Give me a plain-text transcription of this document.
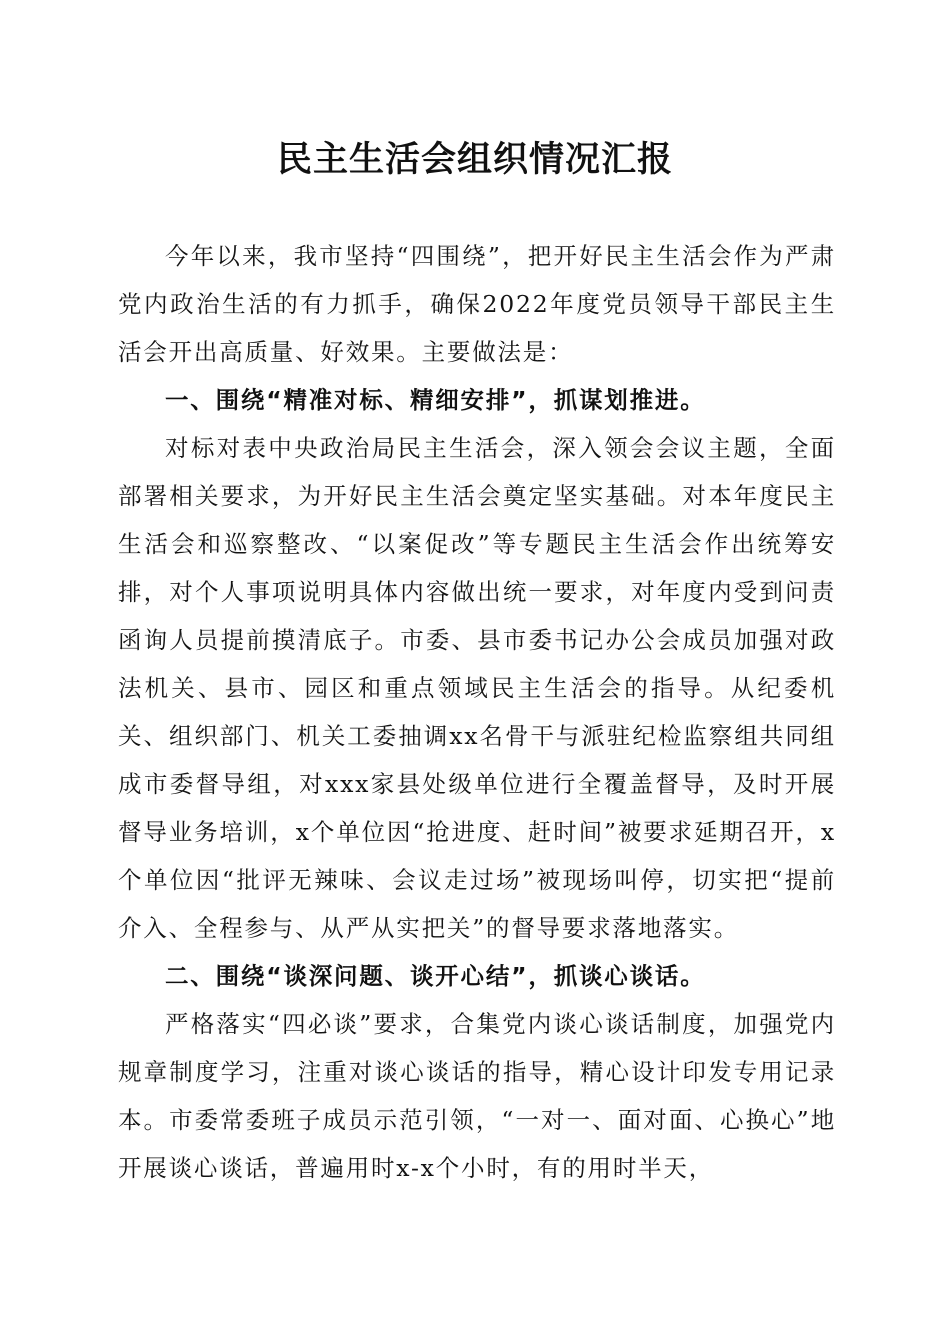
民主生活会组织情况汇报

今年以来，我市坚持“四围绕”，把开好民主生活会作为严肃党内政治生活的有力抓手，确保2022年度党员领导干部民主生活会开出高质量、好效果。主要做法是：

一、围绕“精准对标、精细安排”，抓谋划推进。

对标对表中央政治局民主生活会，深入领会会议主题，全面部署相关要求，为开好民主生活会奠定坚实基础。对本年度民主生活会和巡察整改、“以案促改”等专题民主生活会作出统筹安排，对个人事项说明具体内容做出统一要求，对年度内受到问责函询人员提前摸清底子。市委、县市委书记办公会成员加强对政法机关、县市、园区和重点领域民主生活会的指导。从纪委机关、组织部门、机关工委抽调xx名骨干与派驻纪检监察组共同组成市委督导组，对xxx家县处级单位进行全覆盖督导，及时开展督导业务培训，x个单位因“抢进度、赶时间”被要求延期召开，x个单位因“批评无辣味、会议走过场”被现场叫停，切实把“提前介入、全程参与、从严从实把关”的督导要求落地落实。

二、围绕“谈深问题、谈开心结”，抓谈心谈话。

严格落实“四必谈”要求，合集党内谈心谈话制度，加强党内规章制度学习，注重对谈心谈话的指导，精心设计印发专用记录本。市委常委班子成员示范引领，“一对一、面对面、心换心”地开展谈心谈话，普遍用时x-x个小时，有的用时半天，
